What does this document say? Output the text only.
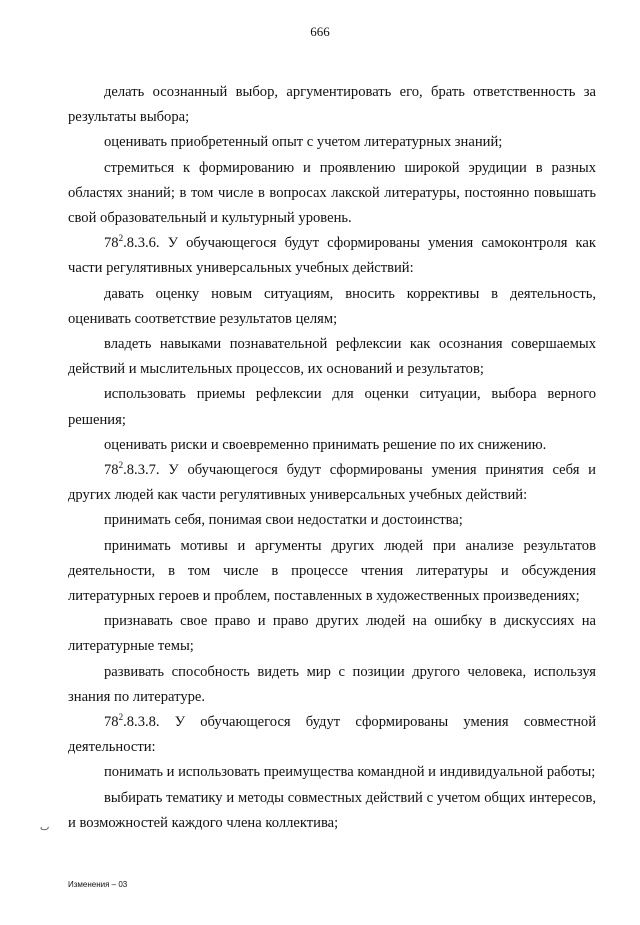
666

делать осознанный выбор, аргументировать его, брать ответственность за результаты выбора;

оценивать приобретенный опыт с учетом литературных знаний;

стремиться к формированию и проявлению широкой эрудиции в разных областях знаний; в том числе в вопросах лакской литературы, постоянно повышать свой образовательный и культурный уровень.

$78^2.8.3.6$. У обучающегося будут сформированы умения самоконтроля как части регулятивных универсальных учебных действий:

давать оценку новым ситуациям, вносить коррективы в деятельность, оценивать соответствие результатов целям;

владеть навыками познавательной рефлексии как осознания совершаемых действий и мыслительных процессов, их оснований и результатов;

использовать приемы рефлексии для оценки ситуации, выбора верного решения;

оценивать риски и своевременно принимать решение по их снижению.

$78^2.8.3.7$. У обучающегося будут сформированы умения принятия себя и других людей как части регулятивных универсальных учебных действий:

принимать себя, понимая свои недостатки и достоинства;

принимать мотивы и аргументы других людей при анализе результатов деятельности, в том числе в процессе чтения литературы и обсуждения литературных героев и проблем, поставленных в художественных произведениях;

признавать свое право и право других людей на ошибку в дискуссиях на литературные темы;

развивать способность видеть мир с позиции другого человека, используя знания по литературе.

$78^2.8.3.8$. У обучающегося будут сформированы умения совместной деятельности:

понимать и использовать преимущества командной и индивидуальной работы;

выбирать тематику и методы совместных действий с учетом общих интересов, и возможностей каждого члена коллектива;

ٮ
Изменения – 03
